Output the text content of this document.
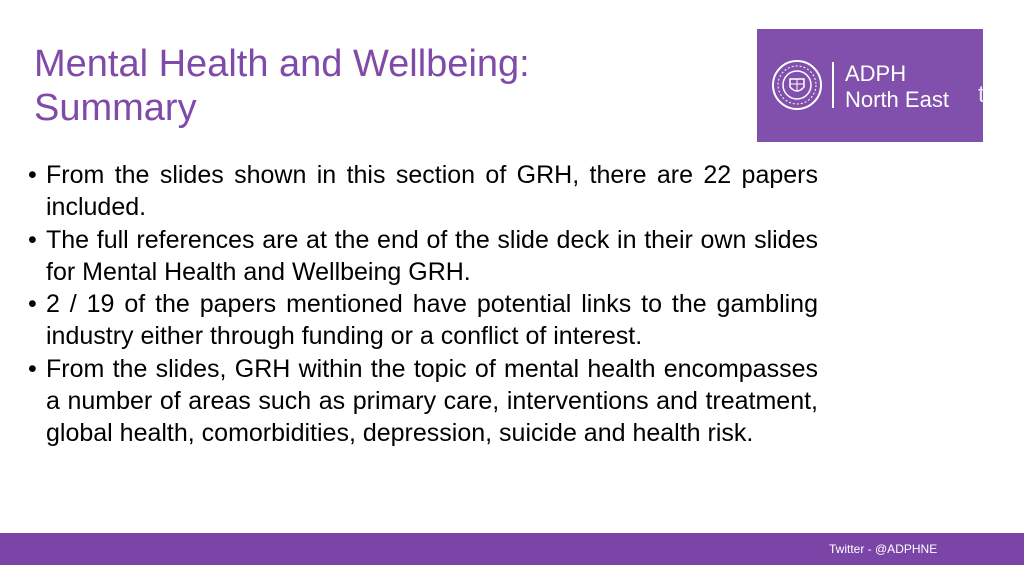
Mental Health and Wellbeing:
Summary
ADPH
North East t
• From the slides shown in this section of GRH, there are 22 papers included.
• The full references are at the end of the slide deck in their own slides for Mental Health and Wellbeing GRH.
• 2 / 19 of the papers mentioned have potential links to the gambling industry either through funding or a conflict of interest.
• From the slides, GRH within the topic of mental health encompasses a number of areas such as primary care, interventions and treatment, global health, comorbidities, depression, suicide and health risk.
Twitter - @ADPHNE
